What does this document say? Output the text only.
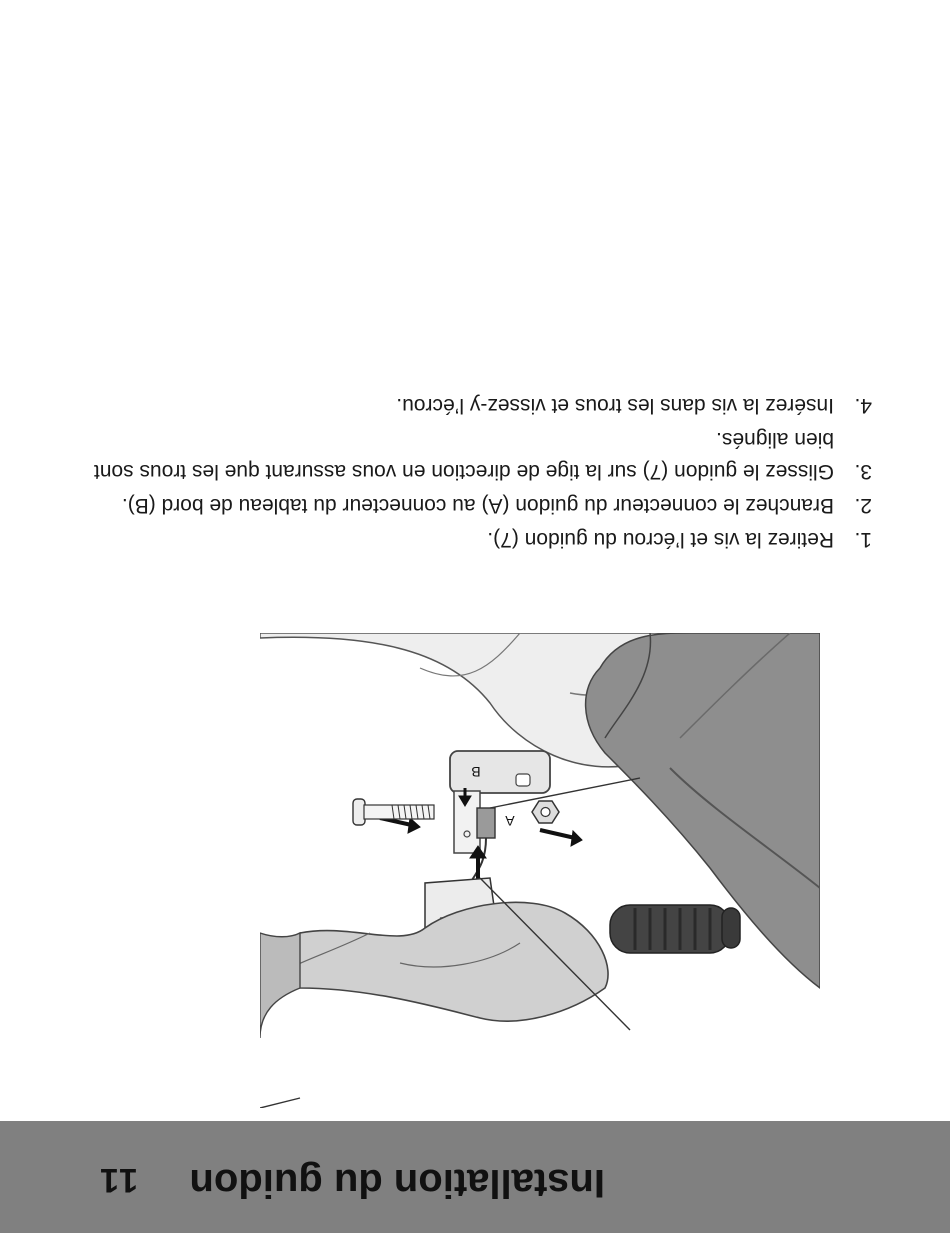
11 Installation du guidon
B
A
1.
Retirez la vis et l’écrou du guidon (7).
2.
Branchez le connecteur du guidon (A) au connecteur du tableau de bord (B).
3.
Glissez le guidon (7) sur la tige de direction en vous assurant que les trous sont bien alignés.
4.
Insérez la vis dans les trous et vissez-y l’écrou.
